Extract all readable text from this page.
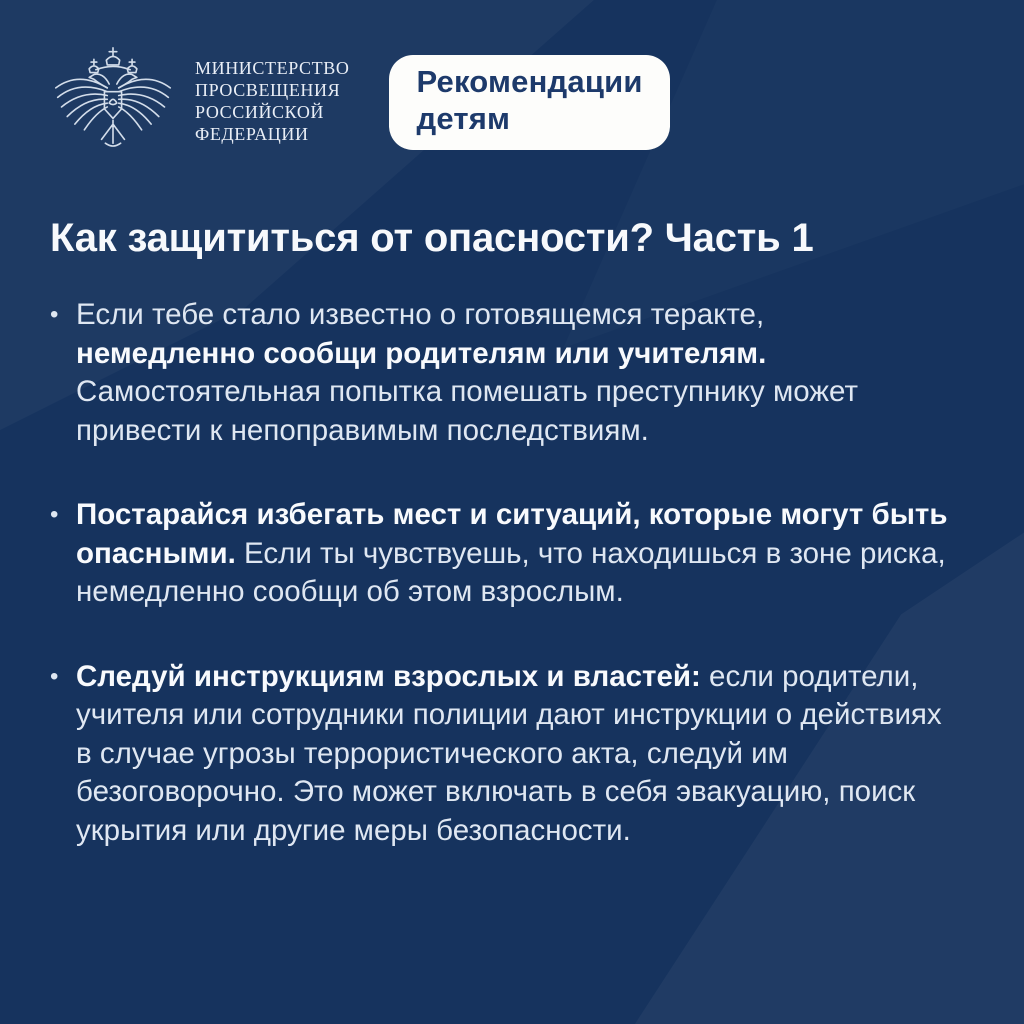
МИНИСТЕРСТВО
ПРОСВЕЩЕНИЯ
РОССИЙСКОЙ
ФЕДЕРАЦИИ
Рекомендации
детям
Как защититься от опасности? Часть 1
• Если тебе стало известно о готовящемся теракте, немедленно сообщи родителям или учителям. Самостоятельная попытка помешать преступнику может привести к непоправимым последствиям.
• Постарайся избегать мест и ситуаций, которые могут быть опасными. Если ты чувствуешь, что находишься в зоне риска, немедленно сообщи об этом взрослым.
• Следуй инструкциям взрослых и властей: если родители, учителя или сотрудники полиции дают инструкции о действиях в случае угрозы террористического акта, следуй им безоговорочно. Это может включать в себя эвакуацию, поиск укрытия или другие меры безопасности.
